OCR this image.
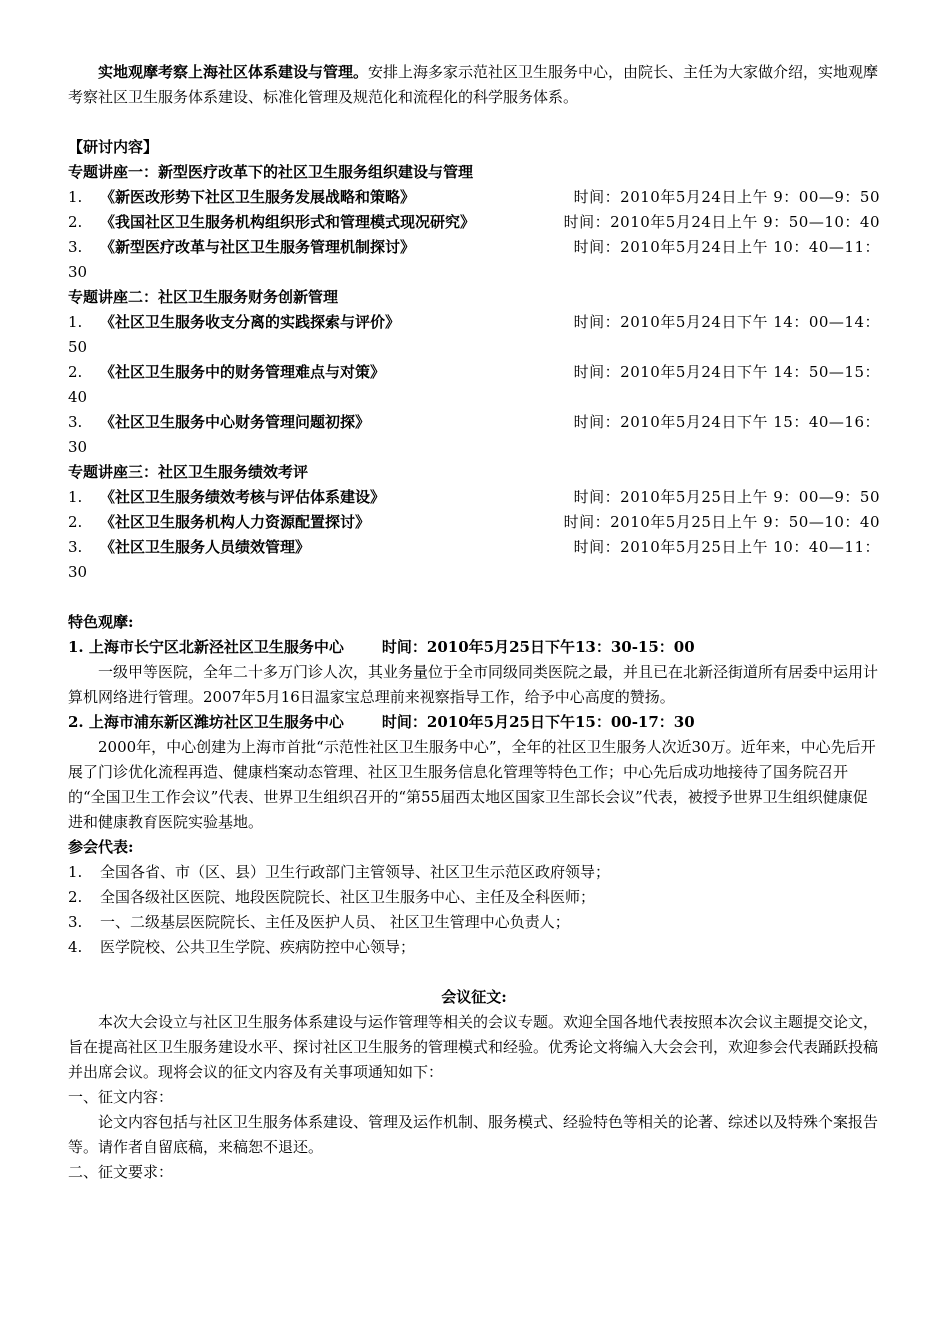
实地观摩考察上海社区体系建设与管理。安排上海多家示范社区卫生服务中心，由院长、主任为大家做介绍，实地观摩考察社区卫生服务体系建设、标准化管理及规范化和流程化的科学服务体系。

【研讨内容】

专题讲座一：新型医疗改革下的社区卫生服务组织建设与管理

1. 《新医改形势下社区卫生服务发展战略和策略》	时间：2010年5月24日上午 9：00—9：50
2. 《我国社区卫生服务机构组织形式和管理模式现况研究》	时间：2010年5月24日上午 9：50—10：40
3. 《新型医疗改革与社区卫生服务管理机制探讨》	时间：2010年5月24日上午 10：40—11：

30

专题讲座二：社区卫生服务财务创新管理

1. 《社区卫生服务收支分离的实践探索与评价》	时间：2010年5月24日下午 14：00—14：

50

2. 《社区卫生服务中的财务管理难点与对策》	时间：2010年5月24日下午 14：50—15：

40

3. 《社区卫生服务中心财务管理问题初探》	时间：2010年5月24日下午 15：40—16：

30

专题讲座三：社区卫生服务绩效考评

1. 《社区卫生服务绩效考核与评估体系建设》	时间：2010年5月25日上午 9：00—9：50
2. 《社区卫生服务机构人力资源配置探讨》	时间：2010年5月25日上午 9：50—10：40
3. 《社区卫生服务人员绩效管理》	时间：2010年5月25日上午 10：40—11：

30

特色观摩:

1. 上海市长宁区北新泾社区卫生服务中心	时间：2010年5月25日下午13：30-15：00

一级甲等医院，全年二十多万门诊人次，其业务量位于全市同级同类医院之最，并且已在北新泾街道所有居委中运用计算机网络进行管理。2007年5月16日温家宝总理前来视察指导工作，给予中心高度的赞扬。

2. 上海市浦东新区潍坊社区卫生服务中心	时间：2010年5月25日下午15：00-17：30

2000年，中心创建为上海市首批“示范性社区卫生服务中心”，全年的社区卫生服务人次近30万。近年来，中心先后开展了门诊优化流程再造、健康档案动态管理、社区卫生服务信息化管理等特色工作；中心先后成功地接待了国务院召开的“全国卫生工作会议”代表、世界卫生组织召开的“第55届西太地区国家卫生部长会议”代表，被授予世界卫生组织健康促进和健康教育医院实验基地。

参会代表:

1. 全国各省、市（区、县）卫生行政部门主管领导、社区卫生示范区政府领导；

2. 全国各级社区医院、地段医院院长、社区卫生服务中心、主任及全科医师；

3. 一、二级基层医院院长、主任及医护人员、 社区卫生管理中心负责人；

4. 医学院校、公共卫生学院、疾病防控中心领导；

会议征文:

本次大会设立与社区卫生服务体系建设与运作管理等相关的会议专题。欢迎全国各地代表按照本次会议主题提交论文，旨在提高社区卫生服务建设水平、探讨社区卫生服务的管理模式和经验。优秀论文将编入大会会刊，欢迎参会代表踊跃投稿并出席会议。现将会议的征文内容及有关事项通知如下：

一、征文内容：

论文内容包括与社区卫生服务体系建设、管理及运作机制、服务模式、经验特色等相关的论著、综述以及特殊个案报告等。请作者自留底稿，来稿恕不退还。

二、征文要求：
